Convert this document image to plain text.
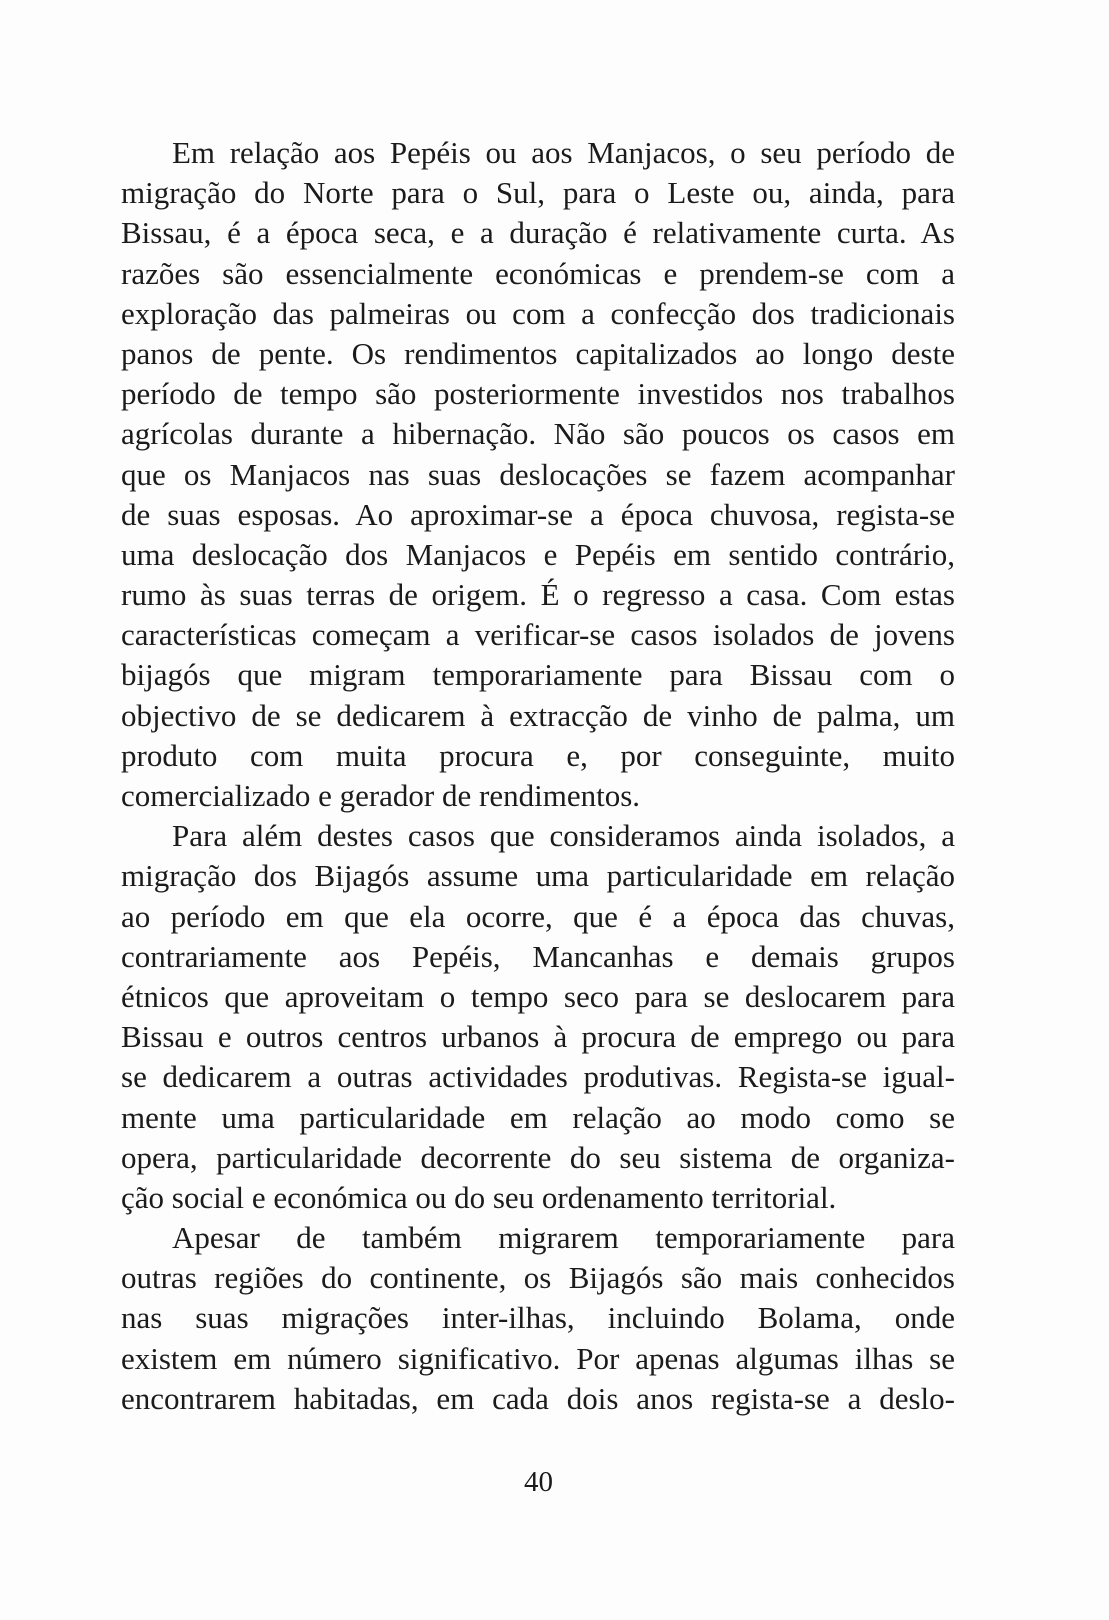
Em relação aos Pepéis ou aos Manjacos, o seu período de
migração do Norte para o Sul, para o Leste ou, ainda, para
Bissau, é a época seca, e a duração é relativamente curta. As
razões são essencialmente económicas e prendem-se com a
exploração das palmeiras ou com a confecção dos tradicionais
panos de pente. Os rendimentos capitalizados ao longo deste
período de tempo são posteriormente investidos nos trabalhos
agrícolas durante a hibernação. Não são poucos os casos em
que os Manjacos nas suas deslocações se fazem acompanhar
de suas esposas. Ao aproximar-se a época chuvosa, regista-se
uma deslocação dos Manjacos e Pepéis em sentido contrário,
rumo às suas terras de origem. É o regresso a casa. Com estas
características começam a verificar-se casos isolados de jovens
bijagós que migram temporariamente para Bissau com o
objectivo de se dedicarem à extracção de vinho de palma, um
produto com muita procura e, por conseguinte, muito
comercializado e gerador de rendimentos.
Para além destes casos que consideramos ainda isolados, a
migração dos Bijagós assume uma particularidade em relação
ao período em que ela ocorre, que é a época das chuvas,
contrariamente aos Pepéis, Mancanhas e demais grupos
étnicos que aproveitam o tempo seco para se deslocarem para
Bissau e outros centros urbanos à procura de emprego ou para
se dedicarem a outras actividades produtivas. Regista-se igual-
mente uma particularidade em relação ao modo como se
opera, particularidade decorrente do seu sistema de organiza-
ção social e económica ou do seu ordenamento territorial.
Apesar de também migrarem temporariamente para
outras regiões do continente, os Bijagós são mais conhecidos
nas suas migrações inter-ilhas, incluindo Bolama, onde
existem em número significativo. Por apenas algumas ilhas se
encontrarem habitadas, em cada dois anos regista-se a deslo-
40
